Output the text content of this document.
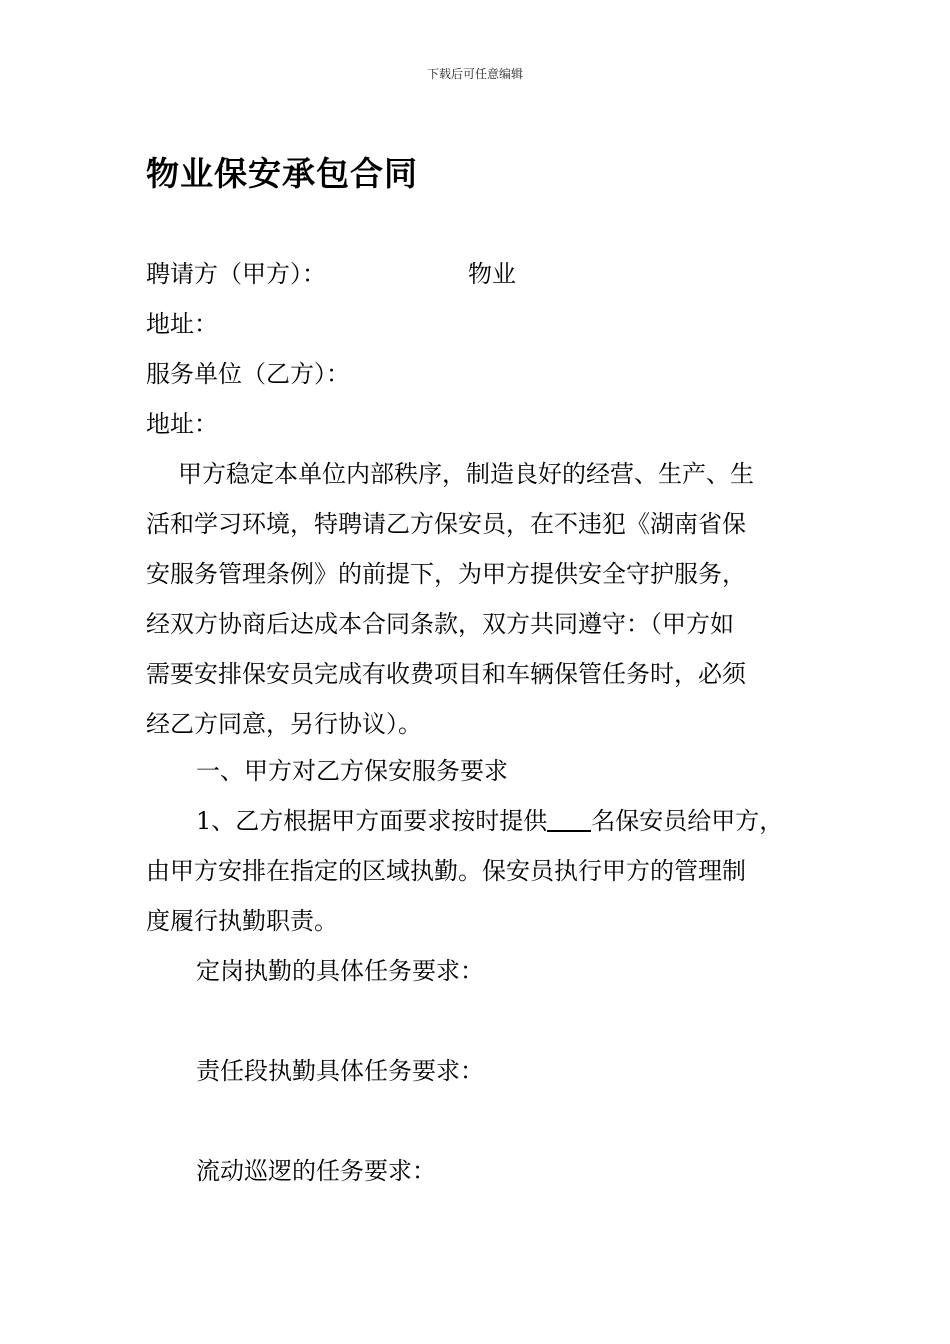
下载后可任意编辑
物业保安承包合同
聘请方（甲方）：	物业
地址：
服务单位（乙方）：
地址：
甲方稳定本单位内部秩序，制造良好的经营、生产、生
活和学习环境，特聘请乙方保安员，在不违犯《湖南省保
安服务管理条例》的前提下，为甲方提供安全守护服务，
经双方协商后达成本合同条款，双方共同遵守：（甲方如
需要安排保安员完成有收费项目和车辆保管任务时，必须
经乙方同意，另行协议）。
一、甲方对乙方保安服务要求
1、乙方根据甲方面要求按时提供 名保安员给甲方，
由甲方安排在指定的区域执勤。保安员执行甲方的管理制
度履行执勤职责。
定岗执勤的具体任务要求：
责任段执勤具体任务要求：
流动巡逻的任务要求：
